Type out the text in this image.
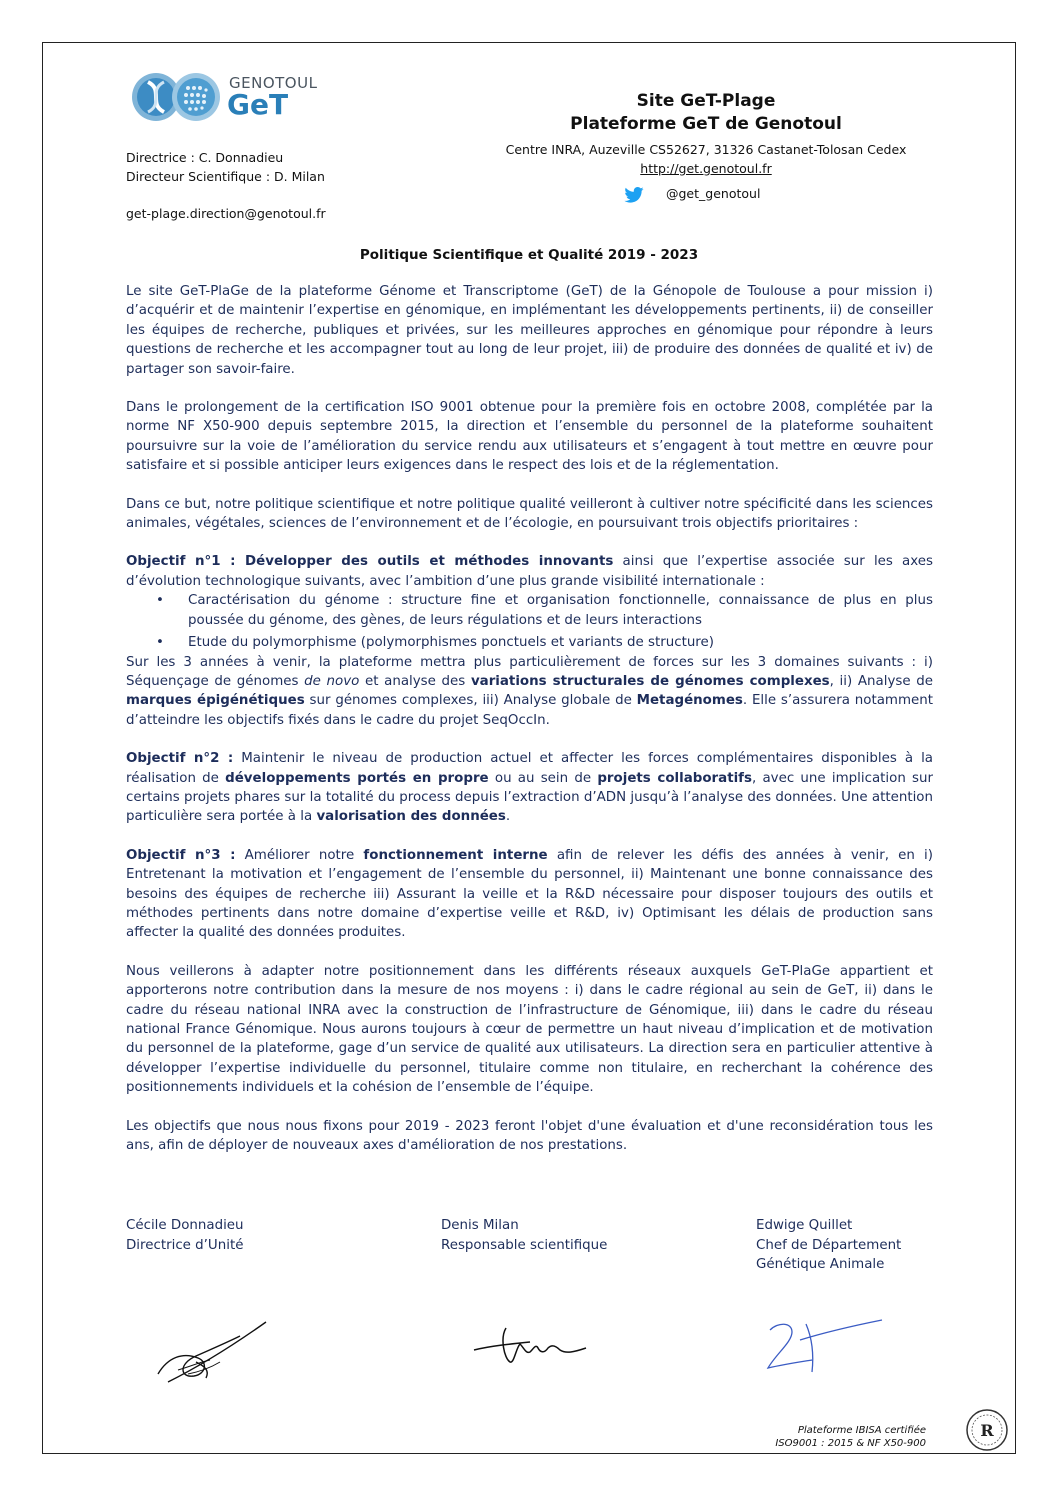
GENOTOUL
GeT
Directrice : C. Donnadieu
Directeur Scientifique : D. Milan
get-plage.direction@genotoul.fr
Site GeT-Plage
Plateforme GeT de Genotoul
Centre INRA, Auzeville CS52627, 31326 Castanet-Tolosan Cedex
http://get.genotoul.fr
@get_genotoul
Politique Scientifique et Qualité 2019 - 2023

Le site GeT-PlaGe de la plateforme Génome et Transcriptome (GeT) de la Génopole de Toulouse a pour mission i) d’acquérir et de maintenir l’expertise en génomique, en implémentant les développements pertinents, ii) de conseiller les équipes de recherche, publiques et privées, sur les meilleures approches en génomique pour répondre à leurs questions de recherche et les accompagner tout au long de leur projet, iii) de produire des données de qualité et iv) de partager son savoir-faire.

Dans le prolongement de la certification ISO 9001 obtenue pour la première fois en octobre 2008, complétée par la norme NF X50-900 depuis septembre 2015, la direction et l’ensemble du personnel de la plateforme souhaitent poursuivre sur la voie de l’amélioration du service rendu aux utilisateurs et s’engagent à tout mettre en œuvre pour satisfaire et si possible anticiper leurs exigences dans le respect des lois et de la réglementation.

Dans ce but, notre politique scientifique et notre politique qualité veilleront à cultiver notre spécificité dans les sciences animales, végétales, sciences de l’environnement et de l’écologie, en poursuivant trois objectifs prioritaires :

Objectif n°1 : Développer des outils et méthodes innovants ainsi que l’expertise associée sur les axes d’évolution technologique suivants, avec l’ambition d’une plus grande visibilité internationale :

• Caractérisation du génome : structure fine et organisation fonctionnelle, connaissance de plus en plus poussée du génome, des gènes, de leurs régulations et de leurs interactions
• Etude du polymorphisme (polymorphismes ponctuels et variants de structure)

Sur les 3 années à venir, la plateforme mettra plus particulièrement de forces sur les 3 domaines suivants : i) Séquençage de génomes de novo et analyse des variations structurales de génomes complexes, ii) Analyse de marques épigénétiques sur génomes complexes, iii) Analyse globale de Metagénomes. Elle s’assurera notamment d’atteindre les objectifs fixés dans le cadre du projet SeqOccIn.

Objectif n°2 : Maintenir le niveau de production actuel et affecter les forces complémentaires disponibles à la réalisation de développements portés en propre ou au sein de projets collaboratifs, avec une implication sur certains projets phares sur la totalité du process depuis l’extraction d’ADN jusqu’à l’analyse des données. Une attention particulière sera portée à la valorisation des données.

Objectif n°3 : Améliorer notre fonctionnement interne afin de relever les défis des années à venir, en i) Entretenant la motivation et l’engagement de l’ensemble du personnel, ii) Maintenant une bonne connaissance des besoins des équipes de recherche iii) Assurant la veille et la R&D nécessaire pour disposer toujours des outils et méthodes pertinents dans notre domaine d’expertise veille et R&D, iv) Optimisant les délais de production sans affecter la qualité des données produites.

Nous veillerons à adapter notre positionnement dans les différents réseaux auxquels GeT-PlaGe appartient et apporterons notre contribution dans la mesure de nos moyens : i) dans le cadre régional au sein de GeT, ii) dans le cadre du réseau national INRA avec la construction de l’infrastructure de Génomique, iii) dans le cadre du réseau national France Génomique. Nous aurons toujours à cœur de permettre un haut niveau d’implication et de motivation du personnel de la plateforme, gage d’un service de qualité aux utilisateurs. La direction sera en particulier attentive à développer l’expertise individuelle du personnel, titulaire comme non titulaire, en recherchant la cohérence des positionnements individuels et la cohésion de l’ensemble de l’équipe.

Les objectifs que nous nous fixons pour 2019 - 2023 feront l'objet d'une évaluation et d'une reconsidération tous les ans, afin de déployer de nouveaux axes d'amélioration de nos prestations.

Cécile Donnadieu
Directrice d’Unité
Denis Milan
Responsable scientifique
Edwige Quillet
Chef de Département
Génétique Animale
Plateforme IBISA certifiée
ISO9001 : 2015 & NF X50-900
R
